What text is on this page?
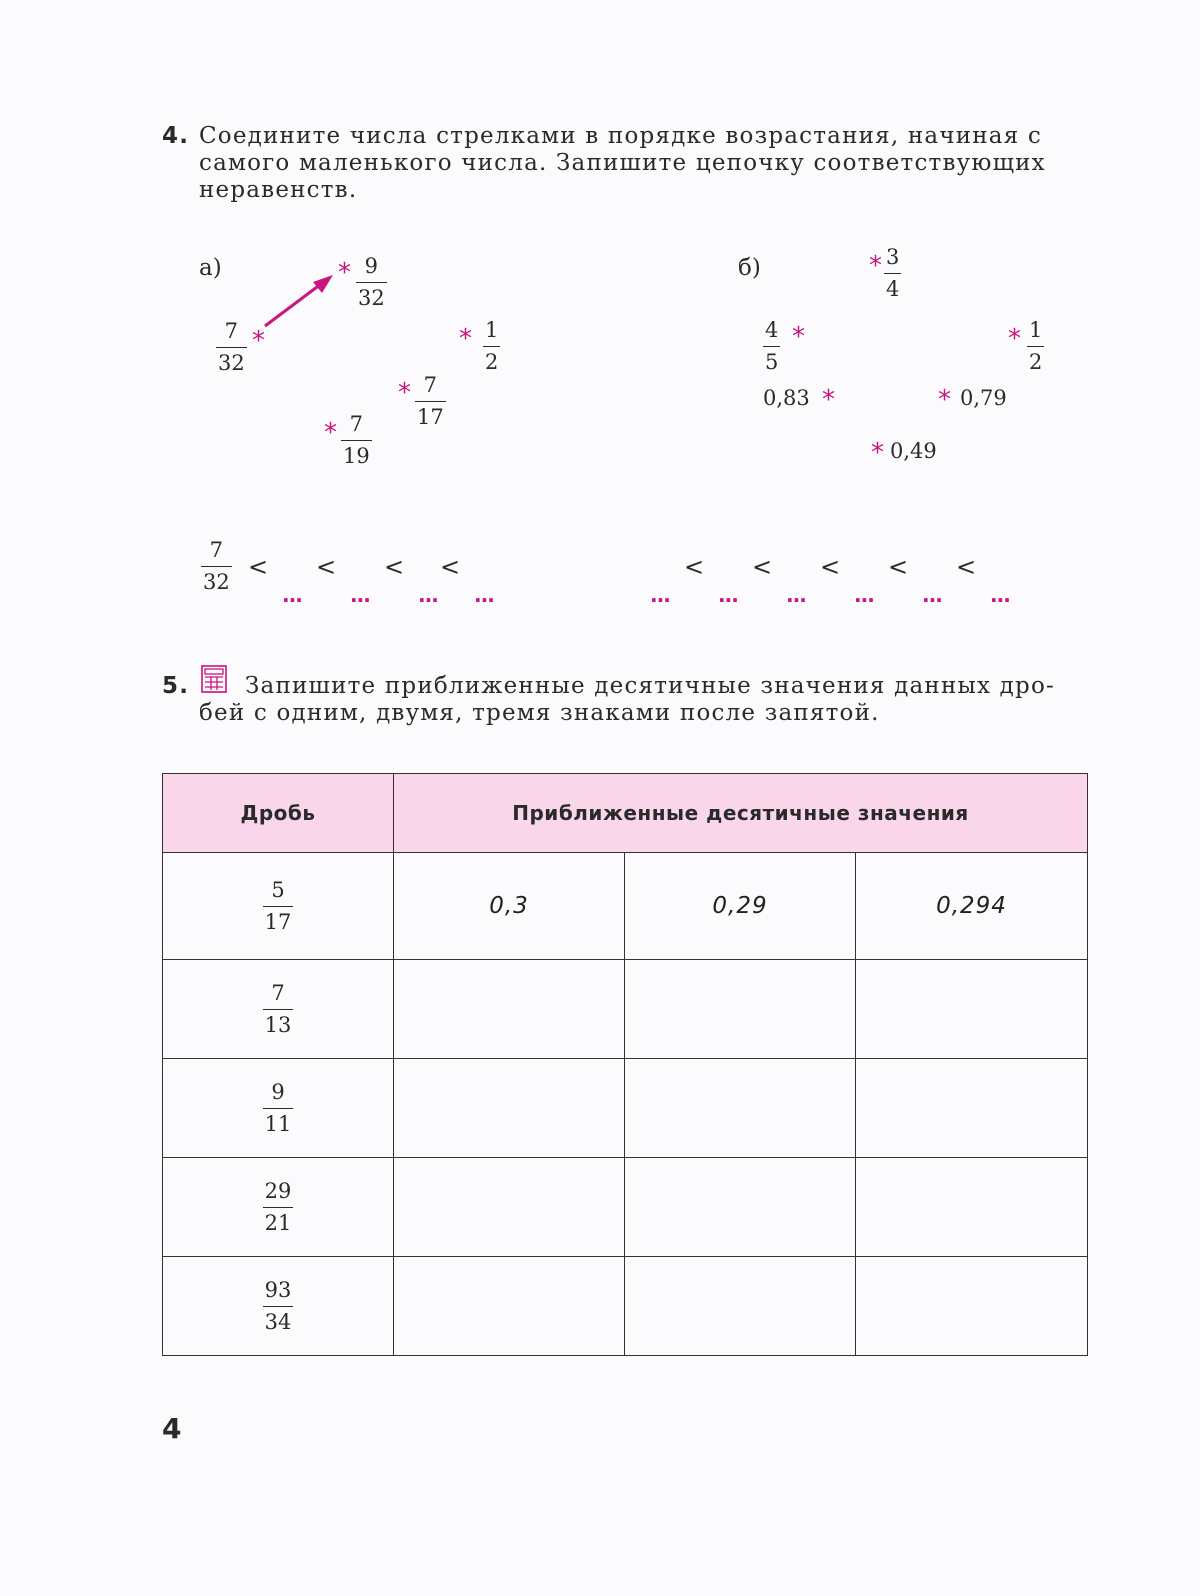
4. Соедините числа стрелками в порядке возрастания, начиная с

самого маленького числа. Запишите цепочку соответствующих

неравенств.

а)
7
32
*
* 9
32
* 1
2
* 7
17
* 7
19
7
32
<
...
<
...
<
...
<
...
б)	* 3
4
4
5
*	* 1
2
0,83 *	* 0,79
* 0,49
...
<
...
<
...
<
...
<
...
<
...
5.	Запишите приближенные десятичные значения данных дро-

бей с одним, двумя, тремя знаками после запятой.

Дробь	Приближенные десятичные значения		

$\frac{5}{17}$	0,3	0,29	0,294

$\frac{7}{13}$

$\frac{9}{11}$

$\frac{29}{21}$

$\frac{93}{34}$

4
